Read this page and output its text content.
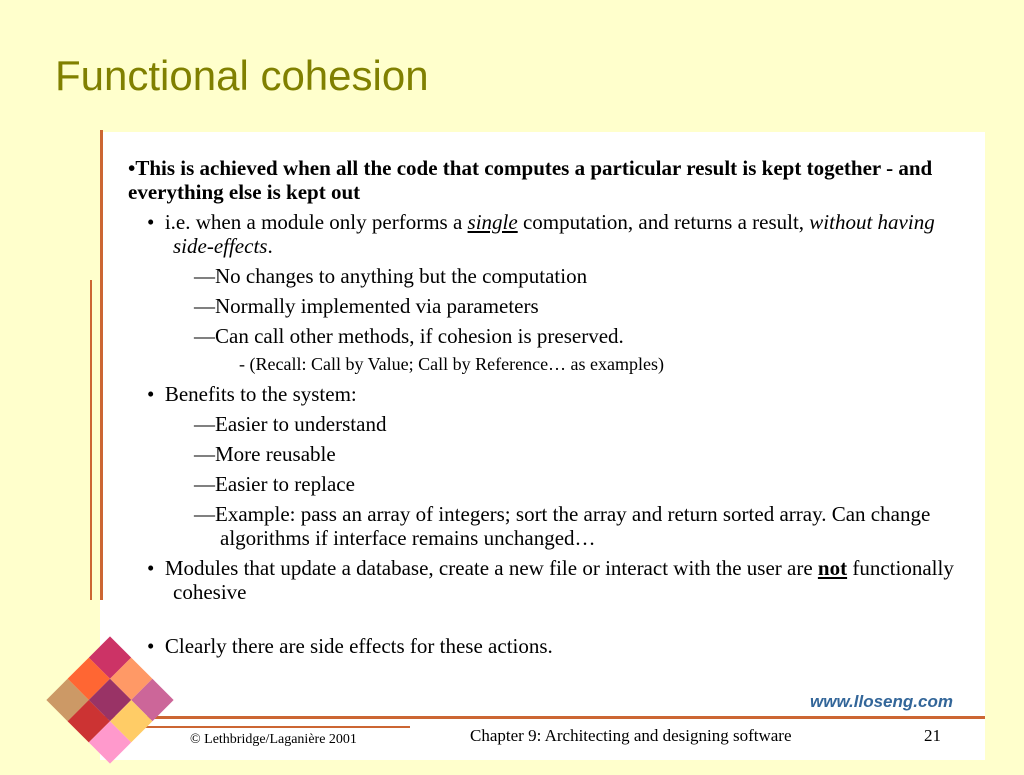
Functional cohesion

•This is achieved when all the code that computes a particular result is kept together - and everything else is kept out

• i.e. when a module only performs a single computation, and returns a result, without having side-effects.

—No changes to anything but the computation

—Normally implemented via parameters

—Can call other methods, if cohesion is preserved.

- (Recall: Call by Value; Call by Reference… as examples)

• Benefits to the system:

—Easier to understand

—More reusable

—Easier to replace

—Example: pass an array of integers; sort the array and return sorted array. Can change algorithms if interface remains unchanged…

• Modules that update a database, create a new file or interact with the user are not functionally cohesive

• Clearly there are side effects for these actions.

www.lloseng.com
© Lethbridge/Laganière 2001	Chapter 9: Architecting and designing software	21
